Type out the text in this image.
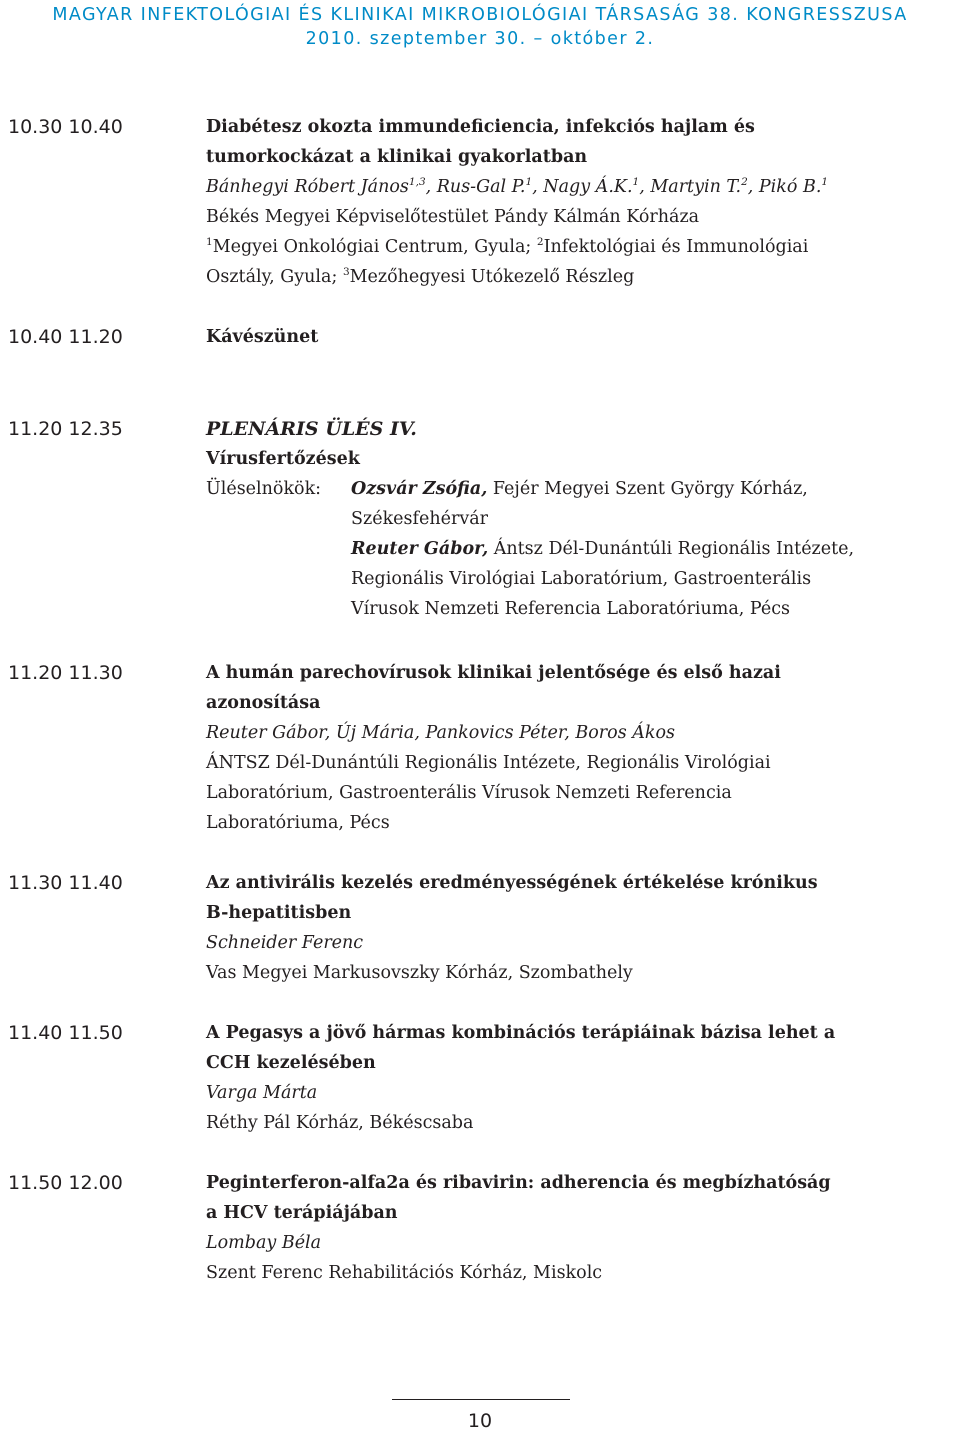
MAGYAR INFEKTOLÓGIAI ÉS KLINIKAI MIKROBIOLÓGIAI TÁRSASÁG 38. KONGRESSZUSA
2010. szeptember 30. – október 2.
10.30 10.40	Diabétesz okozta immundeficiencia, infekciós hajlam és
tumorkockázat a klinikai gyakorlatban
Bánhegyi Róbert János$^{1,3}$, Rus-Gal P.$^1$, Nagy Á.K.$^1$, Martyin T.$^2$, Pikó B.$^1$
Békés Megyei Képviselőtestület Pándy Kálmán Kórháza
$^1$Megyei Onkológiai Centrum, Gyula; $^2$Infektológiai és Immunológiai
Osztály, Gyula; $^3$Mezőhegyesi Utókezelő Részleg
10.40 11.20	Kávészünet
11.20 12.35	PLENÁRIS ÜLÉS IV.
Vírusfertőzések
Üléselnökök: Ozsvár Zsófia, Fejér Megyei Szent György Kórház,
Székesfehérvár
Reuter Gábor, Ántsz Dél-Dunántúli Regionális Intézete,
Regionális Virológiai Laboratórium, Gastroenterális
Vírusok Nemzeti Referencia Laboratóriuma, Pécs
11.20 11.30	A humán parechovírusok klinikai jelentősége és első hazai
azonosítása
Reuter Gábor, Új Mária, Pankovics Péter, Boros Ákos
ÁNTSZ Dél-Dunántúli Regionális Intézete, Regionális Virológiai
Laboratórium, Gastroenterális Vírusok Nemzeti Referencia
Laboratóriuma, Pécs
11.30 11.40	Az antivirális kezelés eredményességének értékelése krónikus
B-hepatitisben
Schneider Ferenc
Vas Megyei Markusovszky Kórház, Szombathely
11.40 11.50	A Pegasys a jövő hármas kombinációs terápiáinak bázisa lehet a
CCH kezelésében
Varga Márta
Réthy Pál Kórház, Békéscsaba
11.50 12.00	Peginterferon-alfa2a és ribavirin: adherencia és megbízhatóság
a HCV terápiájában
Lombay Béla
Szent Ferenc Rehabilitációs Kórház, Miskolc
10
